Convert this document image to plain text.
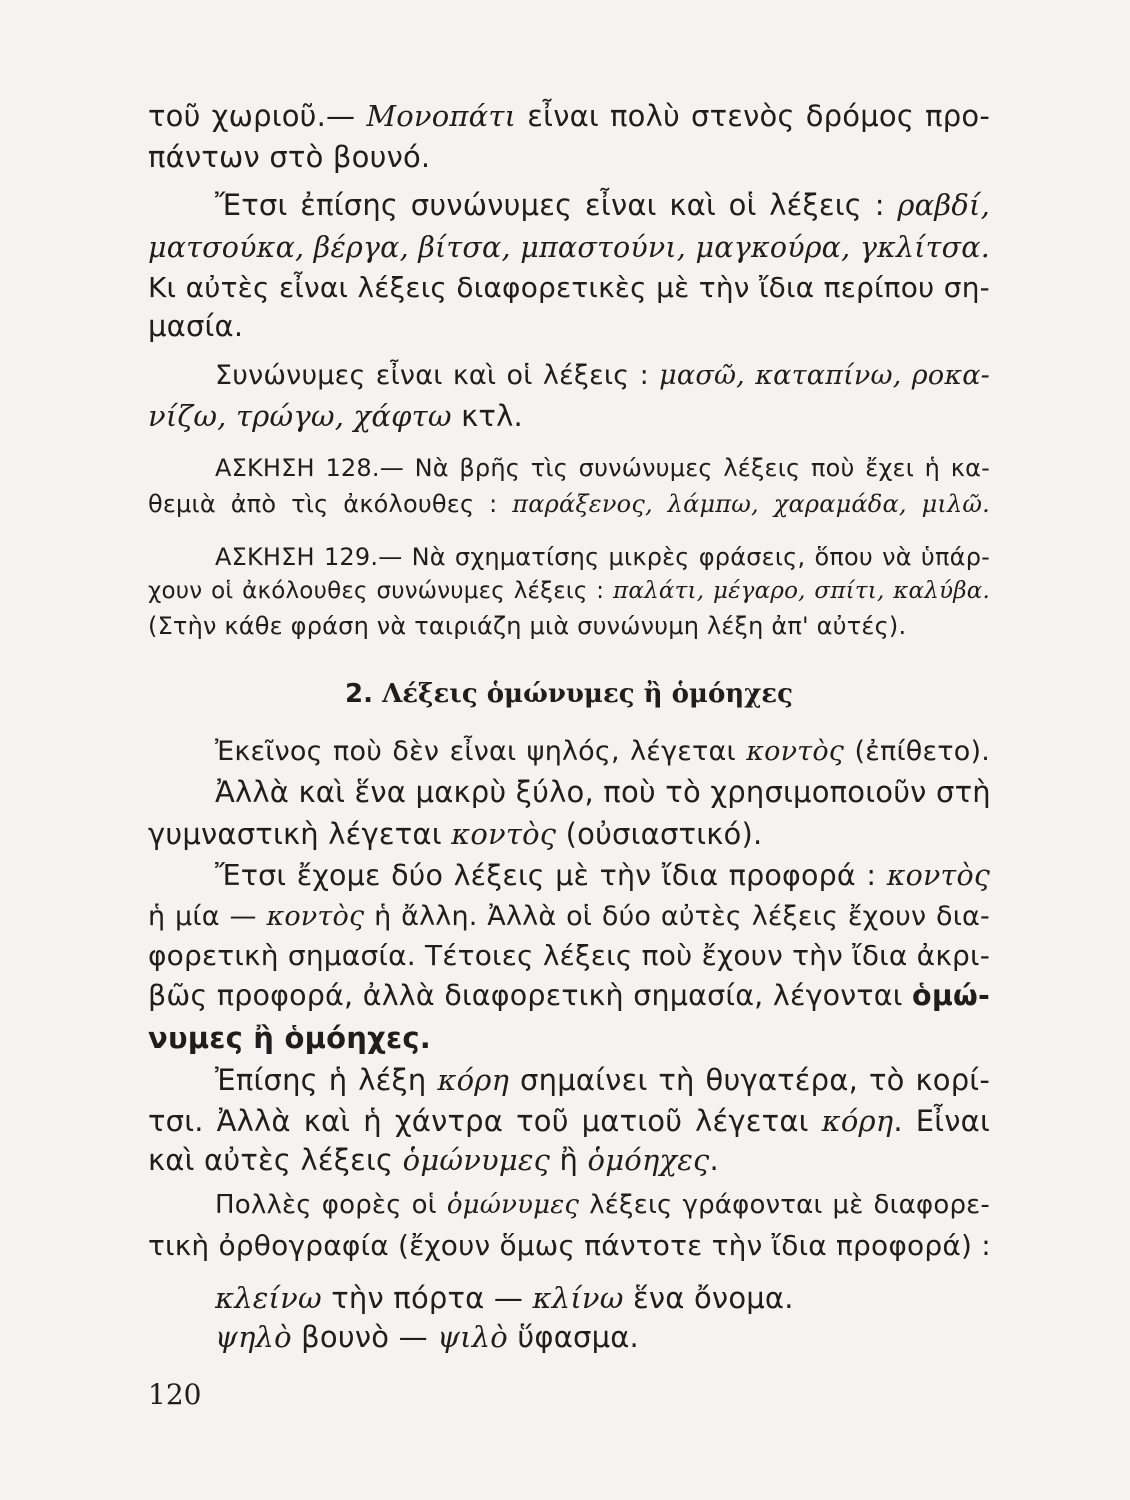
τοῦ χωριοῦ.— Μονοπάτι εἶναι πολὺ στενὸς δρόμος προ-

πάντων στὸ βουνό.

Ἔτσι ἐπίσης συνώνυμες εἶναι καὶ οἱ λέξεις : ραβδί,

ματσούκα, βέργα, βίτσα, μπαστούνι, μαγκούρα, γκλίτσα.

Κι αὐτὲς εἶναι λέξεις διαφορετικὲς μὲ τὴν ἴδια περίπου ση-

μασία.

Συνώνυμες εἶναι καὶ οἱ λέξεις : μασῶ, καταπίνω, ροκα-

νίζω, τρώγω, χάφτω κτλ.

ΑΣΚΗΣΗ 128.— Νὰ βρῆς τὶς συνώνυμες λέξεις ποὺ ἔχει ἡ κα-

θεμιὰ ἀπὸ τὶς ἀκόλουθες : παράξενος, λάμπω, χαραμάδα, μιλῶ.

ΑΣΚΗΣΗ 129.— Νὰ σχηματίσης μικρὲς φράσεις, ὅπου νὰ ὑπάρ-

χουν οἱ ἀκόλουθες συνώνυμες λέξεις : παλάτι, μέγαρο, σπίτι, καλύβα.

(Στὴν κάθε φράση νὰ ταιριάζη μιὰ συνώνυμη λέξη ἀπ' αὐτές).

2. Λέξεις ὁμώνυμες ἢ ὁμόηχες

Ἐκεῖνος ποὺ δὲν εἶναι ψηλός, λέγεται κοντὸς (ἐπίθετο).

Ἀλλὰ καὶ ἕνα μακρὺ ξύλο, ποὺ τὸ χρησιμοποιοῦν στὴ

γυμναστικὴ λέγεται κοντὸς (οὐσιαστικό).

Ἔτσι ἔχομε δύο λέξεις μὲ τὴν ἴδια προφορά : κοντὸς

ἡ μία — κοντὸς ἡ ἄλλη. Ἀλλὰ οἱ δύο αὐτὲς λέξεις ἔχουν δια-

φορετικὴ σημασία. Τέτοιες λέξεις ποὺ ἔχουν τὴν ἴδια ἀκρι-

βῶς προφορά, ἀλλὰ διαφορετικὴ σημασία, λέγονται ὁμώ-

νυμες ἢ ὁμόηχες.

Ἐπίσης ἡ λέξη κόρη σημαίνει τὴ θυγατέρα, τὸ κορί-

τσι. Ἀλλὰ καὶ ἡ χάντρα τοῦ ματιοῦ λέγεται κόρη. Εἶναι

καὶ αὐτὲς λέξεις ὁμώνυμες ἢ ὁμόηχες.

Πολλὲς φορὲς οἱ ὁμώνυμες λέξεις γράφονται μὲ διαφορε-

τικὴ ὀρθογραφία (ἔχουν ὅμως πάντοτε τὴν ἴδια προφορά) :

κλείνω τὴν πόρτα — κλίνω ἕνα ὄνομα.

ψηλὸ βουνὸ — ψιλὸ ὕφασμα.

120
